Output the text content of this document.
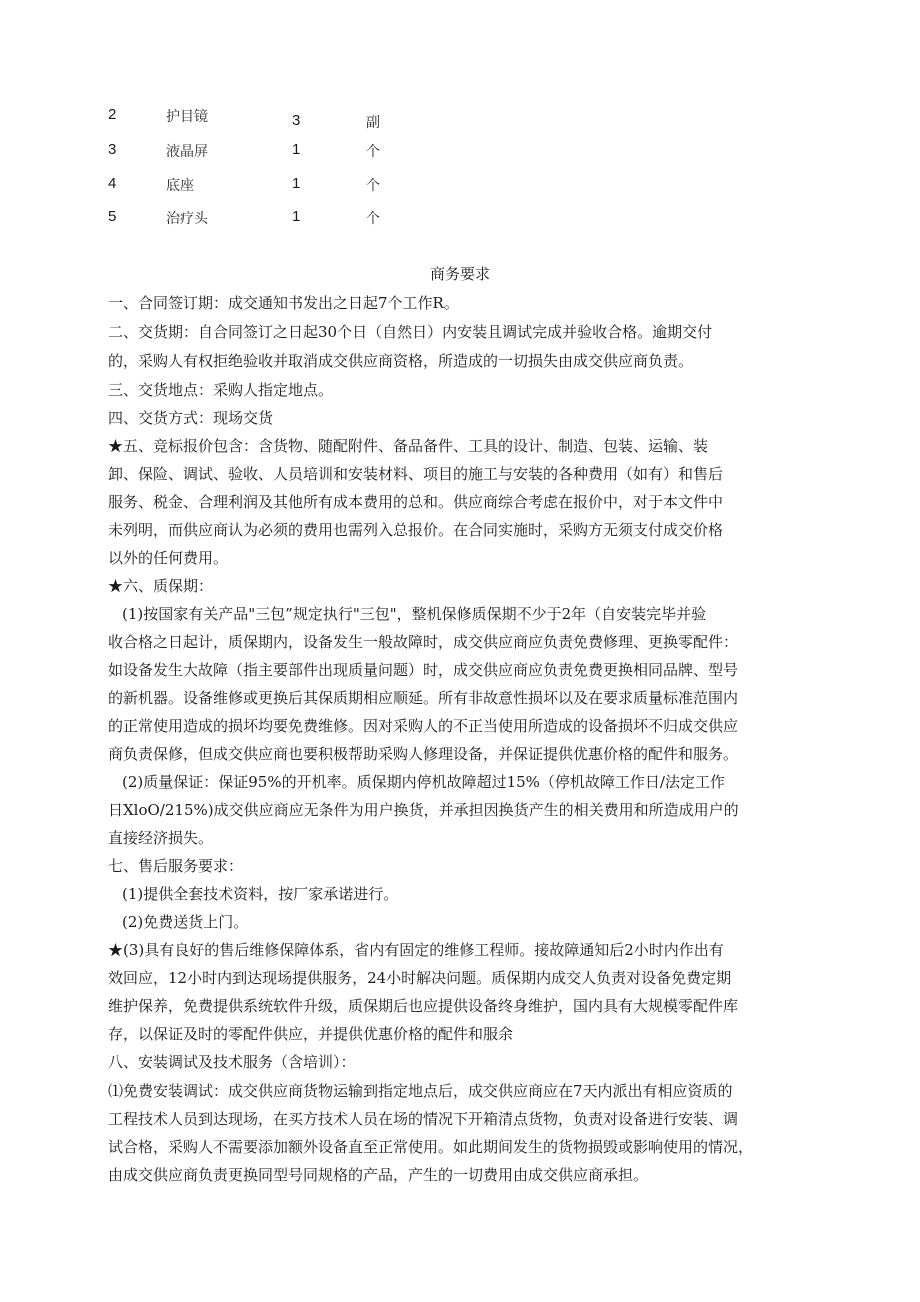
2	护目镜	3	副
3	液晶屏	1	个
4	底座	1	个
5	治疗头	1	个
商务要求
一、合同签订期：成交通知书发出之日起7个工作R。
二、交货期：自合同签订之日起30个日（自然日）内安装且调试完成并验收合格。逾期交付
的，采购人有权拒绝验收并取消成交供应商资格，所造成的一切损失由成交供应商负责。
三、交货地点：采购人指定地点。
四、交货方式：现场交货
★五、竞标报价包含：含货物、随配附件、备品备件、工具的设计、制造、包装、运输、装
卸、保险、调试、验收、人员培训和安装材料、项目的施工与安装的各种费用（如有）和售后
服务、税金、合理利润及其他所有成本费用的总和。供应商综合考虑在报价中，对于本文件中
未列明，而供应商认为必须的费用也需列入总报价。在合同实施时，采购方无须支付成交价格
以外的任何费用。
★六、质保期：
(1)按国家有关产品"三包”规定执行"三包"，整机保修质保期不少于2年（自安装完毕并验
收合格之日起计，质保期内，设备发生一般故障时，成交供应商应负责免费修理、更换零配件：
如设备发生大故障（指主要部件出现质量问题）时，成交供应商应负责免费更换相同品牌、型号
的新机器。设备维修或更换后其保质期相应顺延。所有非故意性损坏以及在要求质量标准范围内
的正常使用造成的损坏均要免费维修。因对采购人的不正当使用所造成的设备损坏不归成交供应
商负责保修，但成交供应商也要积极帮助采购人修理设备，并保证提供优惠价格的配件和服务。
(2)质量保证：保证95%的开机率。质保期内停机故障超过15%（停机故障工作日/法定工作
日XloO/215%)成交供应商应无条件为用户换货，并承担因换货产生的相关费用和所造成用户的
直接经济损失。
七、售后服务要求：
(1)提供全套技术资料，按厂家承诺进行。
(2)免费送货上门。
★(3)具有良好的售后维修保障体系，省内有固定的维修工程师。接故障通知后2小时内作出有
效回应，12小时内到达现场提供服务，24小时解决问题。质保期内成交人负责对设备免费定期
维护保养，免费提供系统软件升级，质保期后也应提供设备终身维护，国内具有大规模零配件库
存，以保证及时的零配件供应，并提供优惠价格的配件和服余
八、安装调试及技术服务（含培训）：
⑴免费安装调试：成交供应商货物运输到指定地点后，成交供应商应在7天内派出有相应资质的
工程技术人员到达现场，在买方技术人员在场的情况下开箱清点货物，负责对设备进行安装、调
试合格，采购人不需要添加额外设备直至正常使用。如此期间发生的货物损毁或影响使用的情况，
由成交供应商负责更换同型号同规格的产品，产生的一切费用由成交供应商承担。
